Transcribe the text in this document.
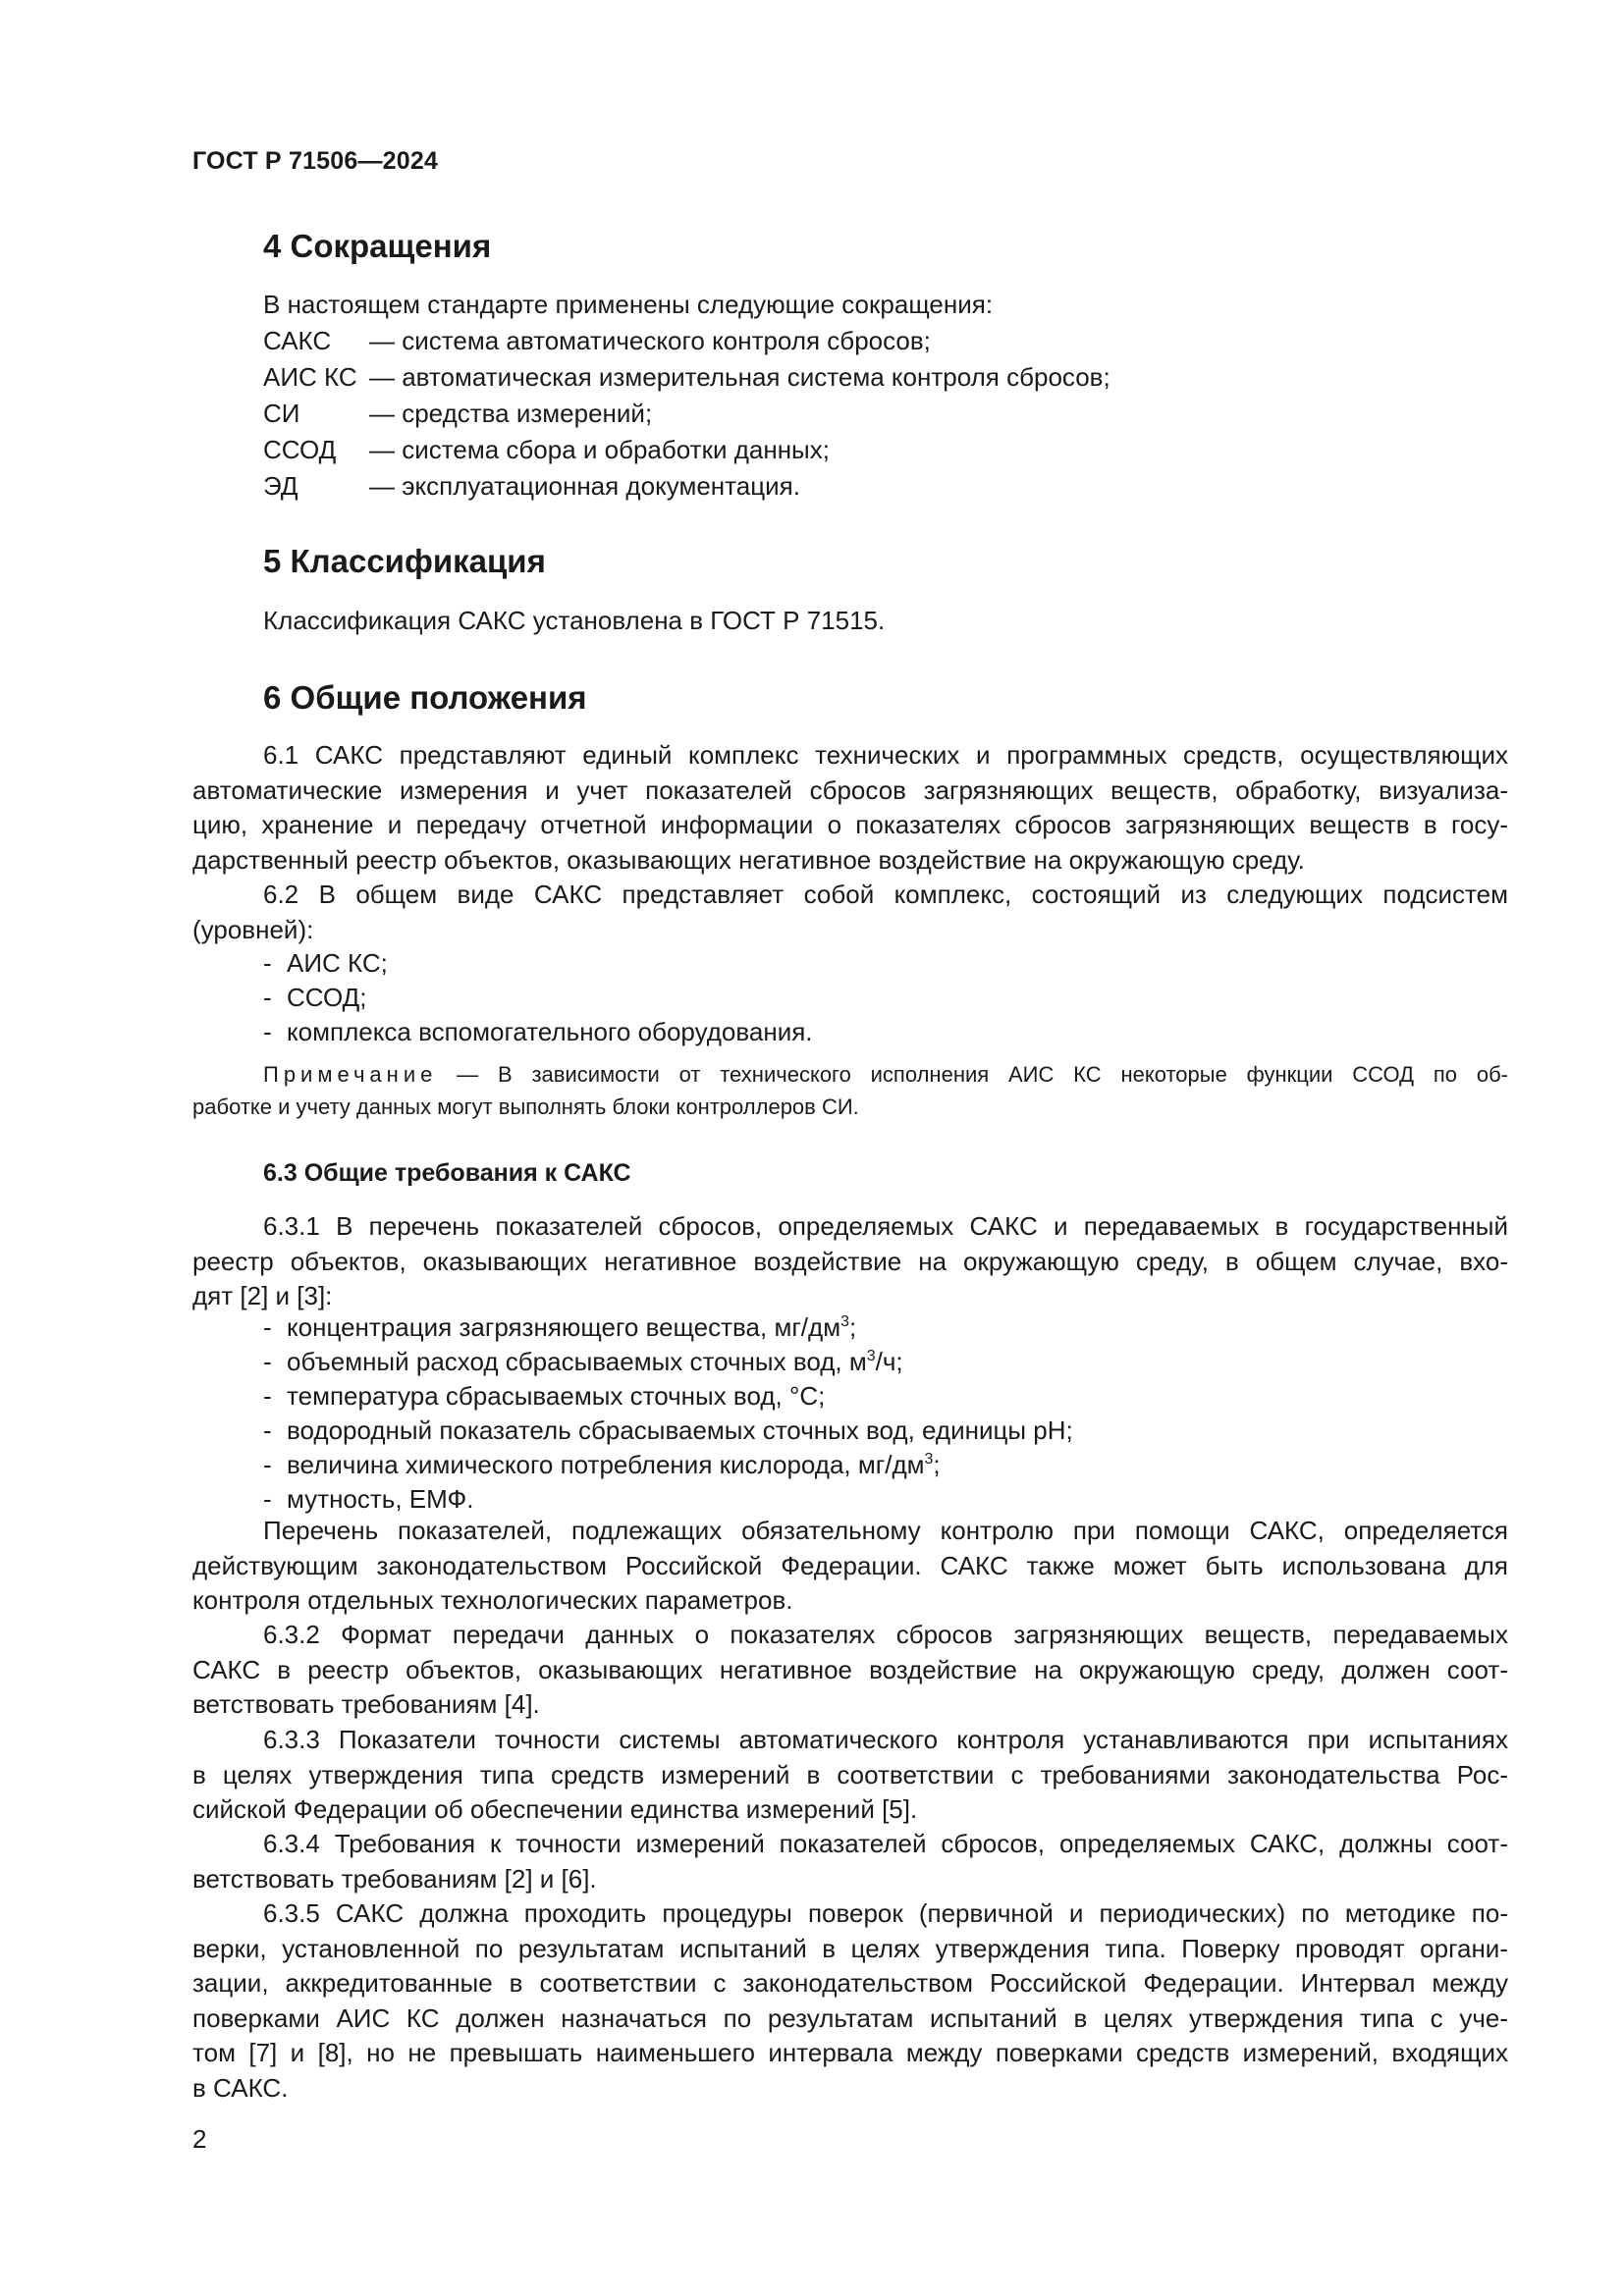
ГОСТ Р 71506—2024
4 Сокращения
В настоящем стандарте применены следующие сокращения:
САКС — система автоматического контроля сбросов;
АИС КС — автоматическая измерительная система контроля сбросов;
СИ	— средства измерений;
ССОД — система сбора и обработки данных;
ЭД	— эксплуатационная документация.
5 Классификация
Классификация САКС установлена в ГОСТ Р 71515.
6 Общие положения
6.1 САКС представляют единый комплекс технических и программных средств, осуществляющих
автоматические измерения и учет показателей сбросов загрязняющих веществ, обработку, визуализа-
цию, хранение и передачу отчетной информации о показателях сбросов загрязняющих веществ в госу-
дарственный реестр объектов, оказывающих негативное воздействие на окружающую среду.
6.2 В общем виде САКС представляет собой комплекс, состоящий из следующих подсистем
(уровней):
- АИС КС;
- ССОД;
- комплекса вспомогательного оборудования.
Примечание — В зависимости от технического исполнения АИС КС некоторые функции ССОД по об-
работке и учету данных могут выполнять блоки контроллеров СИ.
6.3 Общие требования к САКС
6.3.1 В перечень показателей сбросов, определяемых САКС и передаваемых в государственный
реестр объектов, оказывающих негативное воздействие на окружающую среду, в общем случае, вхо-
дят [2] и [3]:
- концентрация загрязняющего вещества, $мг/дм^3$;
- объемный расход сбрасываемых сточных вод, $м^3/ч$;
- температура сбрасываемых сточных вод, °С;
- водородный показатель сбрасываемых сточных вод, единицы pH;
- величина химического потребления кислорода, $мг/дм^3$;
- мутность, ЕМФ.
Перечень показателей, подлежащих обязательному контролю при помощи САКС, определяется
действующим законодательством Российской Федерации. САКС также может быть использована для
контроля отдельных технологических параметров.
6.3.2 Формат передачи данных о показателях сбросов загрязняющих веществ, передаваемых
САКС в реестр объектов, оказывающих негативное воздействие на окружающую среду, должен соот-
ветствовать требованиям [4].
6.3.3 Показатели точности системы автоматического контроля устанавливаются при испытаниях
в целях утверждения типа средств измерений в соответствии с требованиями законодательства Рос-
сийской Федерации об обеспечении единства измерений [5].
6.3.4 Требования к точности измерений показателей сбросов, определяемых САКС, должны соот-
ветствовать требованиям [2] и [6].
6.3.5 САКС должна проходить процедуры поверок (первичной и периодических) по методике по-
верки, установленной по результатам испытаний в целях утверждения типа. Поверку проводят органи-
зации, аккредитованные в соответствии с законодательством Российской Федерации. Интервал между
поверками АИС КС должен назначаться по результатам испытаний в целях утверждения типа с уче-
том [7] и [8], но не превышать наименьшего интервала между поверками средств измерений, входящих
в САКС.
2
